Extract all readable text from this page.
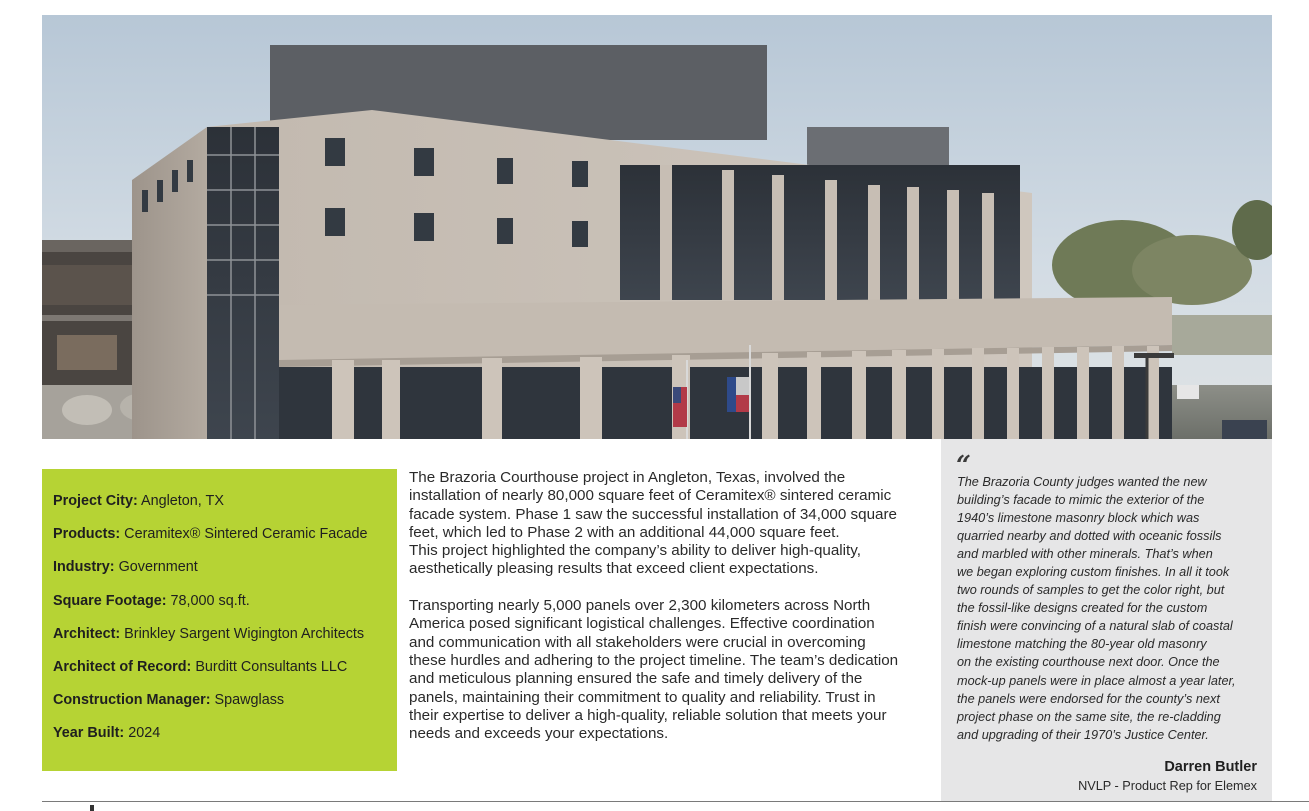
Project City: Angleton, TX
Products: Ceramitex® Sintered Ceramic Facade
Industry: Government
Square Footage: 78,000 sq.ft.
Architect: Brinkley Sargent Wigington Architects
Architect of Record: Burditt Consultants LLC
Construction Manager: Spawglass
Year Built: 2024

The Brazoria Courthouse project in Angleton, Texas, involved the
installation of nearly 80,000 square feet of Ceramitex® sintered ceramic
facade system. Phase 1 saw the successful installation of 34,000 square
feet, which led to Phase 2 with an additional 44,000 square feet.
This project highlighted the company’s ability to deliver high-quality,
aesthetically pleasing results that exceed client expectations.

Transporting nearly 5,000 panels over 2,300 kilometers across North
America posed significant logistical challenges. Effective coordination
and communication with all stakeholders were crucial in overcoming
these hurdles and adhering to the project timeline. The team’s dedication
and meticulous planning ensured the safe and timely delivery of the
panels, maintaining their commitment to quality and reliability. Trust in
their expertise to deliver a high-quality, reliable solution that meets your
needs and exceeds your expectations.

“
The Brazoria County judges wanted the new
building’s facade to mimic the exterior of the
1940’s limestone masonry block which was
quarried nearby and dotted with oceanic fossils
and marbled with other minerals. That’s when
we began exploring custom finishes. In all it took
two rounds of samples to get the color right, but
the fossil-like designs created for the custom
finish were convincing of a natural slab of coastal
limestone matching the 80-year old masonry
on the existing courthouse next door. Once the
mock-up panels were in place almost a year later,
the panels were endorsed for the county’s next
project phase on the same site, the re-cladding
and upgrading of their 1970’s Justice Center.
Darren Butler
NVLP - Product Rep for Elemex
